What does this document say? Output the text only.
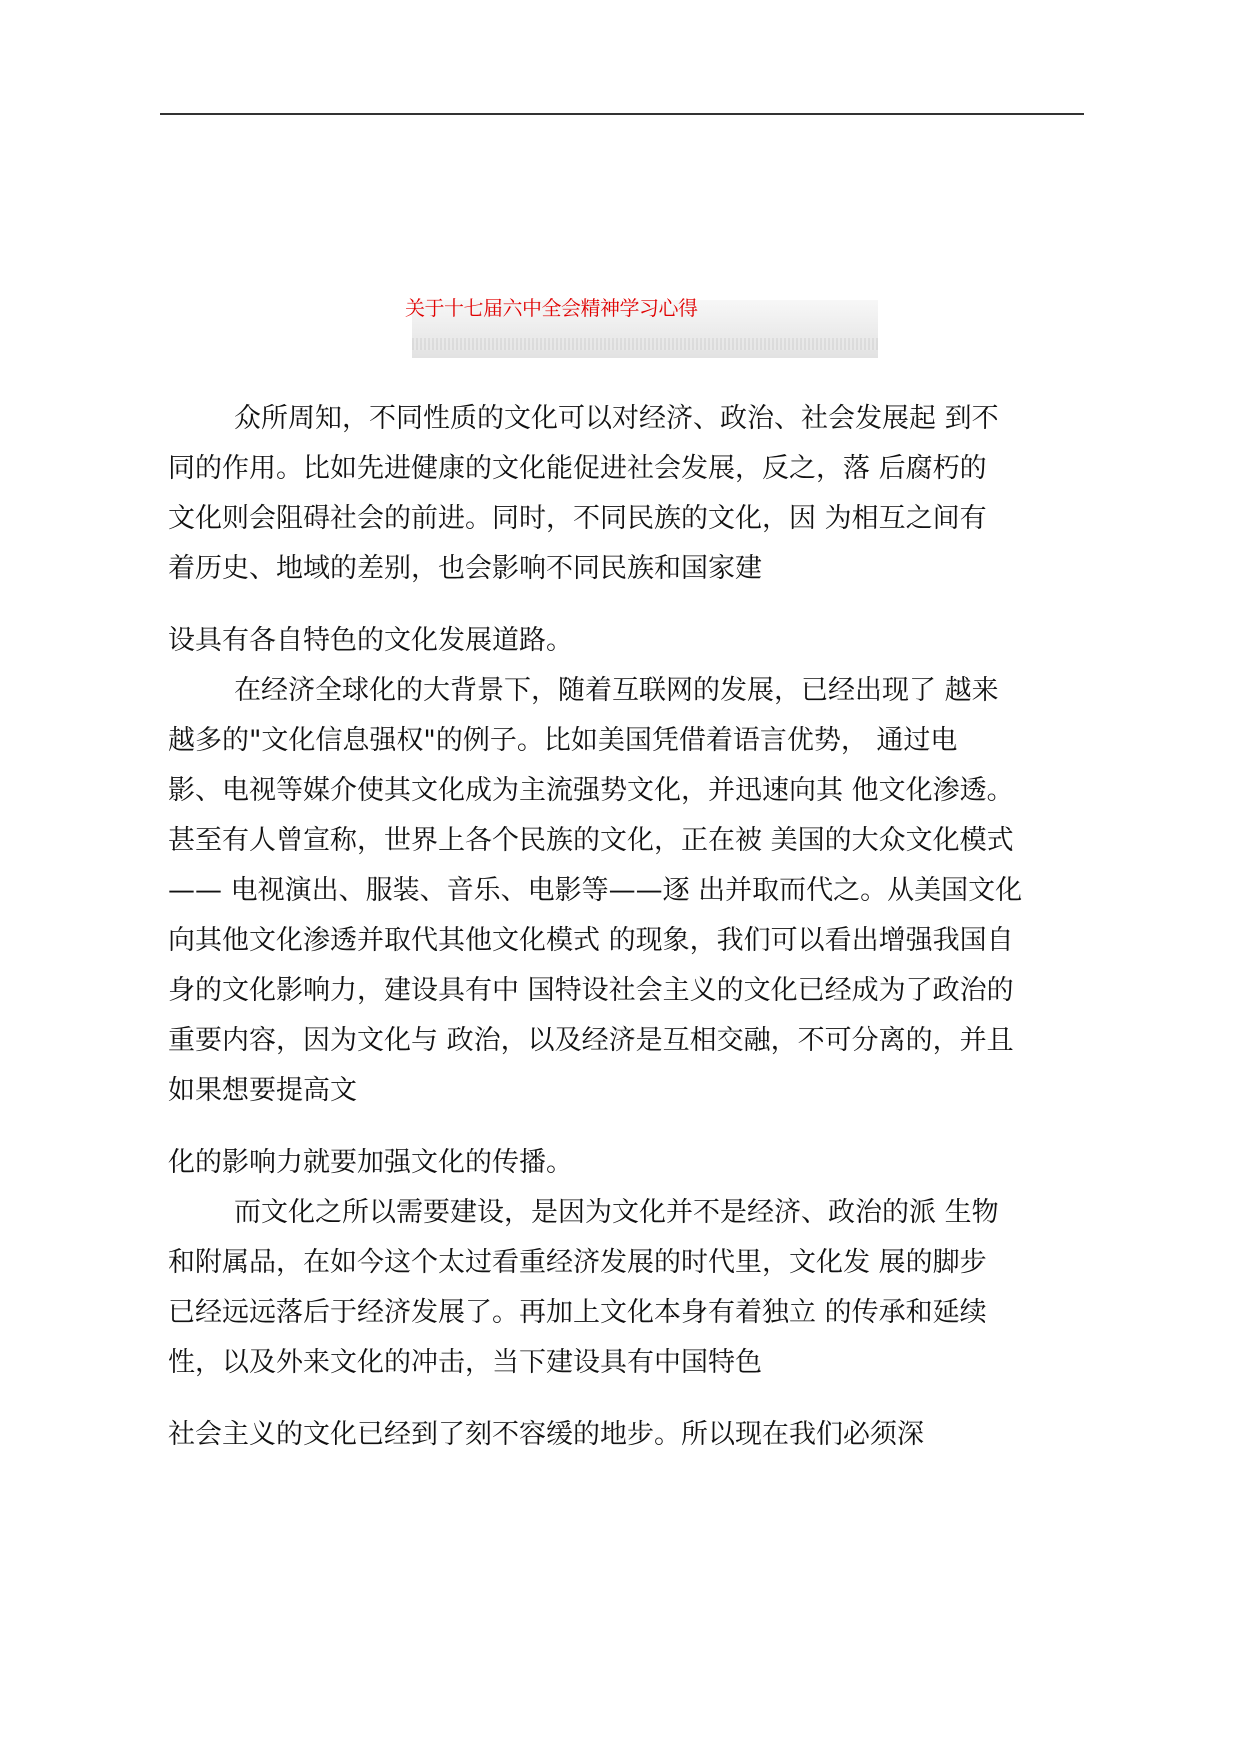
关于十七届六中全会精神学习心得
众所周知，不同性质的文化可以对经济、政治、社会发展起 到不
同的作用。比如先进健康的文化能促进社会发展，反之，落 后腐朽的
文化则会阻碍社会的前进。同时，不同民族的文化，因 为相互之间有
着历史、地域的差别，也会影响不同民族和国家建
设具有各自特色的文化发展道路。
在经济全球化的大背景下，随着互联网的发展，已经出现了 越来
越多的"文化信息强权"的例子。比如美国凭借着语言优势， 通过电
影、电视等媒介使其文化成为主流强势文化，并迅速向其 他文化渗透。
甚至有人曾宣称，世界上各个民族的文化，正在被 美国的大众文化模式
—— 电视演出、服装、音乐、电影等——逐 出并取而代之。从美国文化
向其他文化渗透并取代其他文化模式 的现象，我们可以看出增强我国自
身的文化影响力，建设具有中 国特设社会主义的文化已经成为了政治的
重要内容，因为文化与 政治，以及经济是互相交融，不可分离的，并且
如果想要提高文
化的影响力就要加强文化的传播。
而文化之所以需要建设，是因为文化并不是经济、政治的派 生物
和附属品，在如今这个太过看重经济发展的时代里，文化发 展的脚步
已经远远落后于经济发展了。再加上文化本身有着独立 的传承和延续
性，以及外来文化的冲击，当下建设具有中国特色
社会主义的文化已经到了刻不容缓的地步。所以现在我们必须深
